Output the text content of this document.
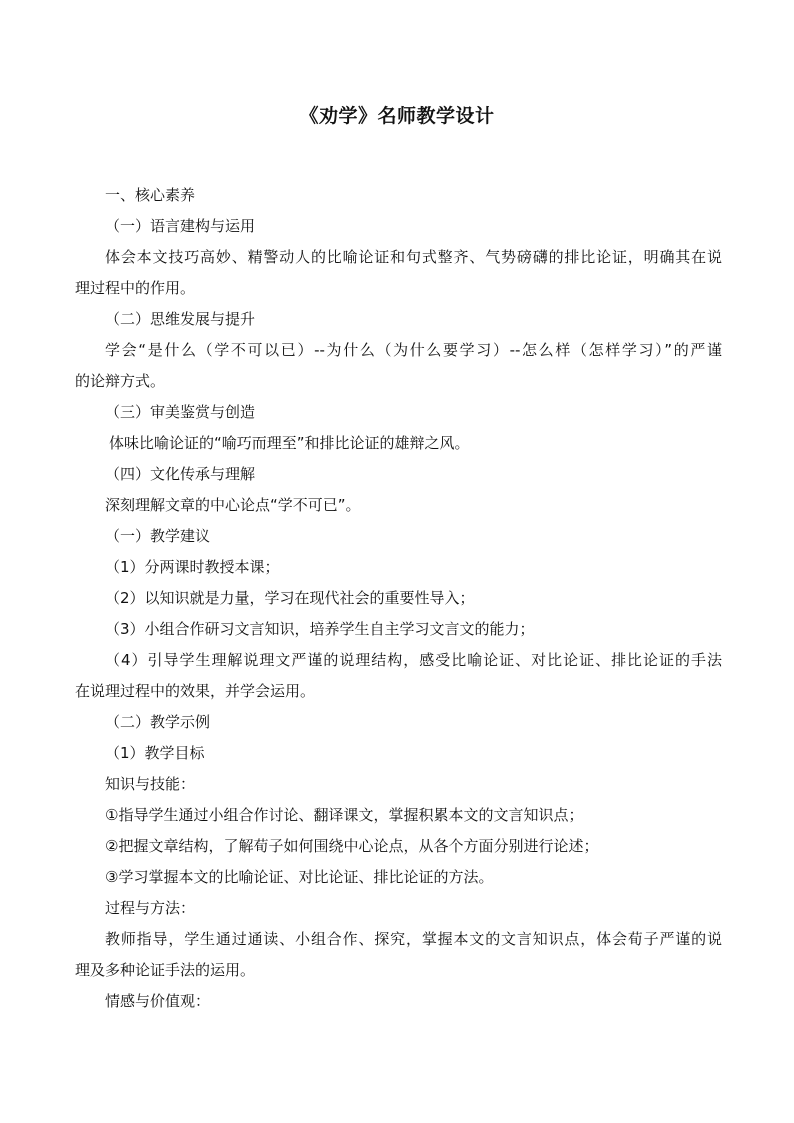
《劝学》名师教学设计
一、核心素养
（一）语言建构与运用
体会本文技巧高妙、精警动人的比喻论证和句式整齐、气势磅礴的排比论证，明确其在说
理过程中的作用。
（二）思维发展与提升
学会“是什么（学不可以已）--为什么（为什么要学习）--怎么样（怎样学习）”的严谨
的论辩方式。
（三）审美鉴赏与创造
体味比喻论证的“喻巧而理至”和排比论证的雄辩之风。
（四）文化传承与理解
深刻理解文章的中心论点“学不可已”。
（一）教学建议
（1）分两课时教授本课；
（2）以知识就是力量，学习在现代社会的重要性导入；
（3）小组合作研习文言知识，培养学生自主学习文言文的能力；
（4）引导学生理解说理文严谨的说理结构，感受比喻论证、对比论证、排比论证的手法
在说理过程中的效果，并学会运用。
（二）教学示例
（1）教学目标
知识与技能：
①指导学生通过小组合作讨论、翻译课文，掌握积累本文的文言知识点；
②把握文章结构，了解荀子如何围绕中心论点，从各个方面分别进行论述；
③学习掌握本文的比喻论证、对比论证、排比论证的方法。
过程与方法：
教师指导，学生通过通读、小组合作、探究，掌握本文的文言知识点，体会荀子严谨的说
理及多种论证手法的运用。
情感与价值观：
